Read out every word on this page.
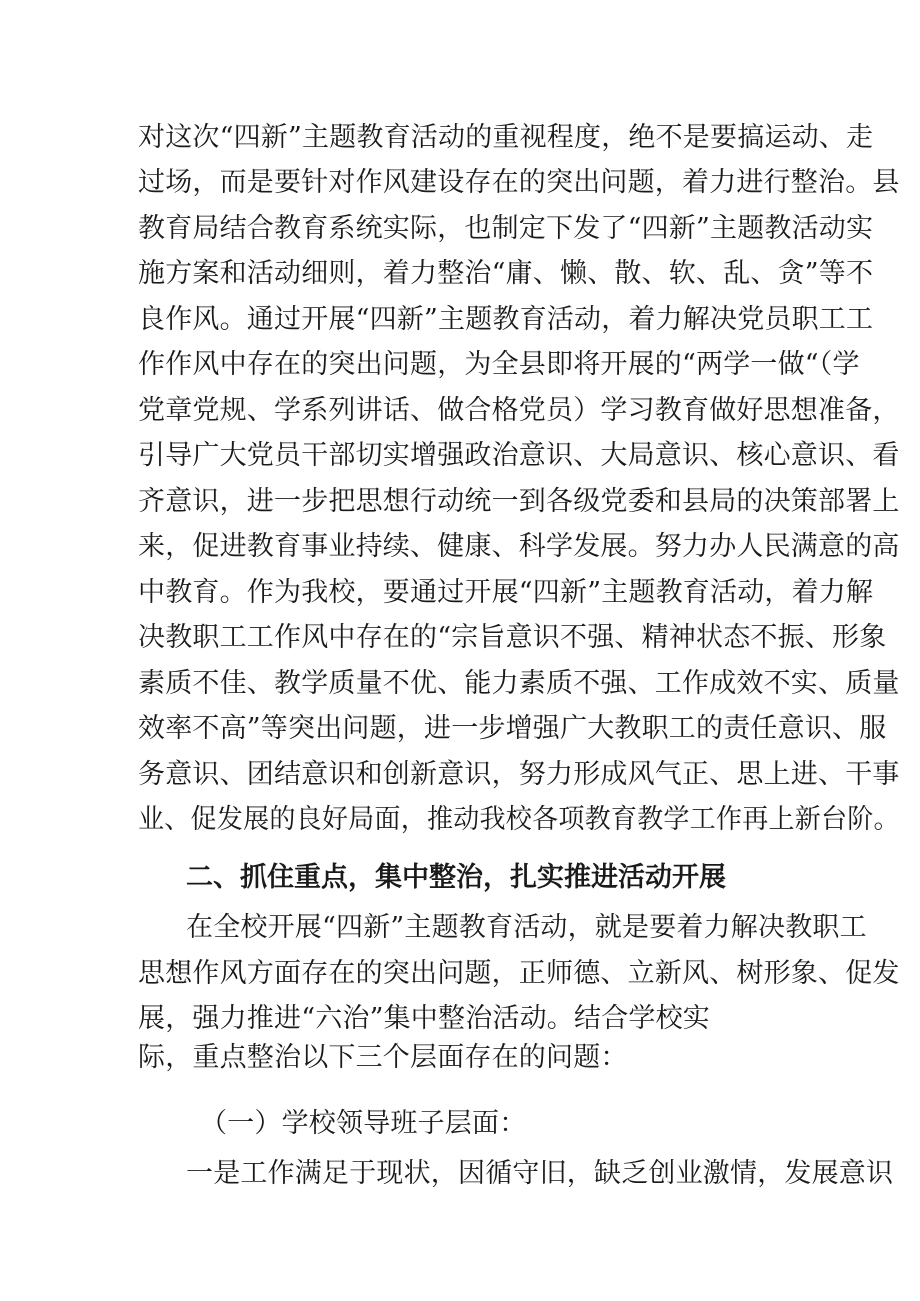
对这次“四新”主题教育活动的重视程度，绝不是要搞运动、走
过场，而是要针对作风建设存在的突出问题，着力进行整治。县
教育局结合教育系统实际，也制定下发了“四新”主题教活动实
施方案和活动细则，着力整治“庸、懒、散、软、乱、贪”等不
良作风。通过开展“四新”主题教育活动，着力解决党员职工工
作作风中存在的突出问题，为全县即将开展的“两学一做“（学
党章党规、学系列讲话、做合格党员）学习教育做好思想准备，
引导广大党员干部切实增强政治意识、大局意识、核心意识、看
齐意识，进一步把思想行动统一到各级党委和县局的决策部署上
来，促进教育事业持续、健康、科学发展。努力办人民满意的高
中教育。作为我校，要通过开展“四新”主题教育活动，着力解
决教职工工作风中存在的“宗旨意识不强、精神状态不振、形象
素质不佳、教学质量不优、能力素质不强、工作成效不实、质量
效率不高”等突出问题，进一步增强广大教职工的责任意识、服
务意识、团结意识和创新意识，努力形成风气正、思上进、干事
业、促发展的良好局面，推动我校各项教育教学工作再上新台阶。
二、抓住重点，集中整治，扎实推进活动开展
在全校开展“四新”主题教育活动，就是要着力解决教职工
思想作风方面存在的突出问题，正师德、立新风、树形象、促发
展，强力推进“六治”集中整治活动。结合学校实
际，重点整治以下三个层面存在的问题：
（一）学校领导班子层面：
一是工作满足于现状，因循守旧，缺乏创业激情，发展意识
